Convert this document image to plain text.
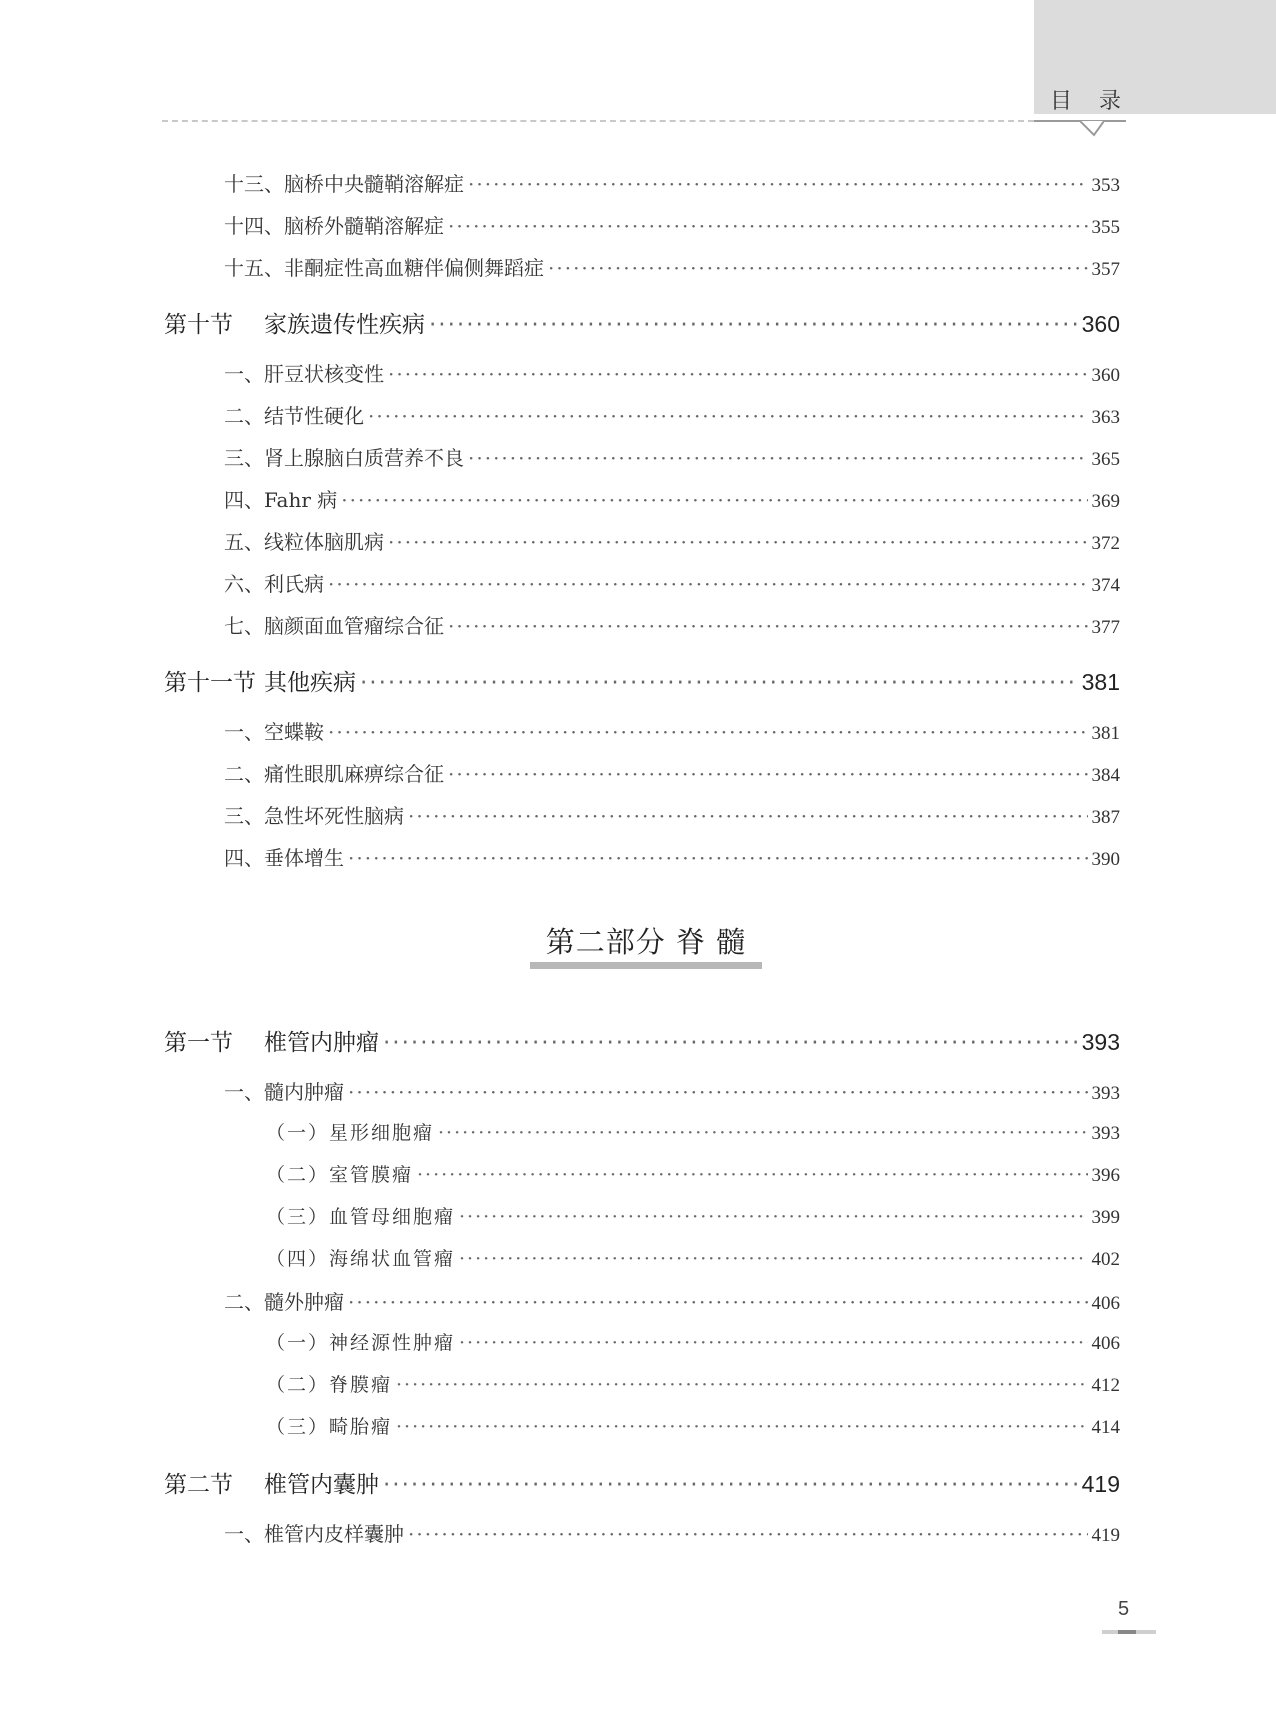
目 录
十三、脑桥中央髓鞘溶解症 ·····	353
十四、脑桥外髓鞘溶解症 ·····	355
十五、非酮症性高血糖伴偏侧舞蹈症 ·····	357
第十节 家族遗传性疾病 ·····	360
一、肝豆状核变性 ·····	360
二、结节性硬化 ·····	363
三、肾上腺脑白质营养不良 ·····	365
四、Fahr 病 ·····	369
五、线粒体脑肌病 ·····	372
六、利氏病 ·····	374
七、脑颜面血管瘤综合征 ·····	377
第十一节 其他疾病 ·····	381
一、空蝶鞍 ·····	381
二、痛性眼肌麻痹综合征 ·····	384
三、急性坏死性脑病 ·····	387
四、垂体增生 ·····	390
第二部分 脊 髓
第一节 椎管内肿瘤 ·····	393
一、髓内肿瘤 ·····	393
（一）星形细胞瘤 ·····	393
（二）室管膜瘤 ·····	396
（三）血管母细胞瘤 ·····	399
（四）海绵状血管瘤 ·····	402
二、髓外肿瘤 ·····	406
（一）神经源性肿瘤 ·····	406
（二）脊膜瘤 ·····	412
（三）畸胎瘤 ·····	414
第二节 椎管内囊肿 ·····	419
一、椎管内皮样囊肿 ·····	419
5
